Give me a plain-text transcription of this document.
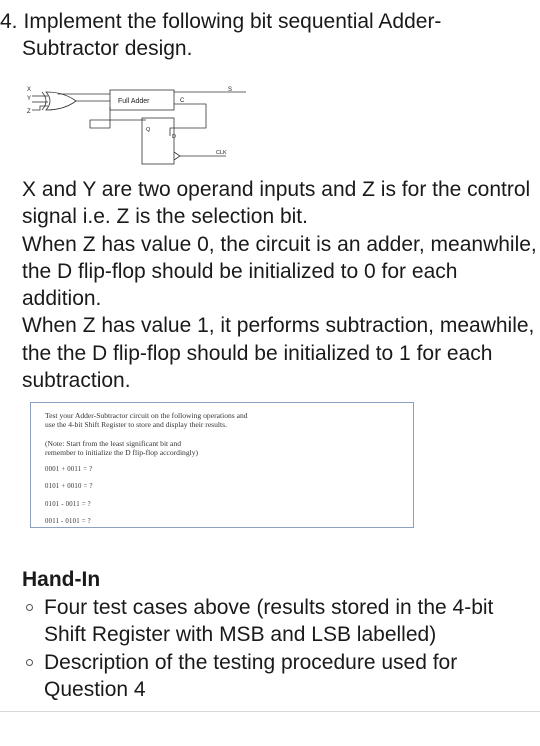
4. Implement the following bit sequential Adder-
Subtractor design.
X
Y
Z
Full Adder	C
S
Q
D
CLK

X and Y are two operand inputs and Z is for the control signal i.e. Z is the selection bit.

When Z has value 0, the circuit is an adder, meanwhile, the D flip-flop should be initialized to 0 for each addition.

When Z has value 1, it performs subtraction, meawhile, the the D flip-flop should be initialized to 1 for each subtraction.

Test your Adder-Subtractor circuit on the following operations and

use the 4-bit Shift Register to store and display their results.

(Note: Start from the least significant bit and

remember to initialize the D flip-flop accordingly)

0001 + 0011 = ?

0101 + 0010 = ?

0101 - 0011 = ?

0011 - 0101 = ?

Hand-In
Four test cases above (results stored in the 4-bit Shift Register with MSB and LSB labelled)
Description of the testing procedure used for Question 4
